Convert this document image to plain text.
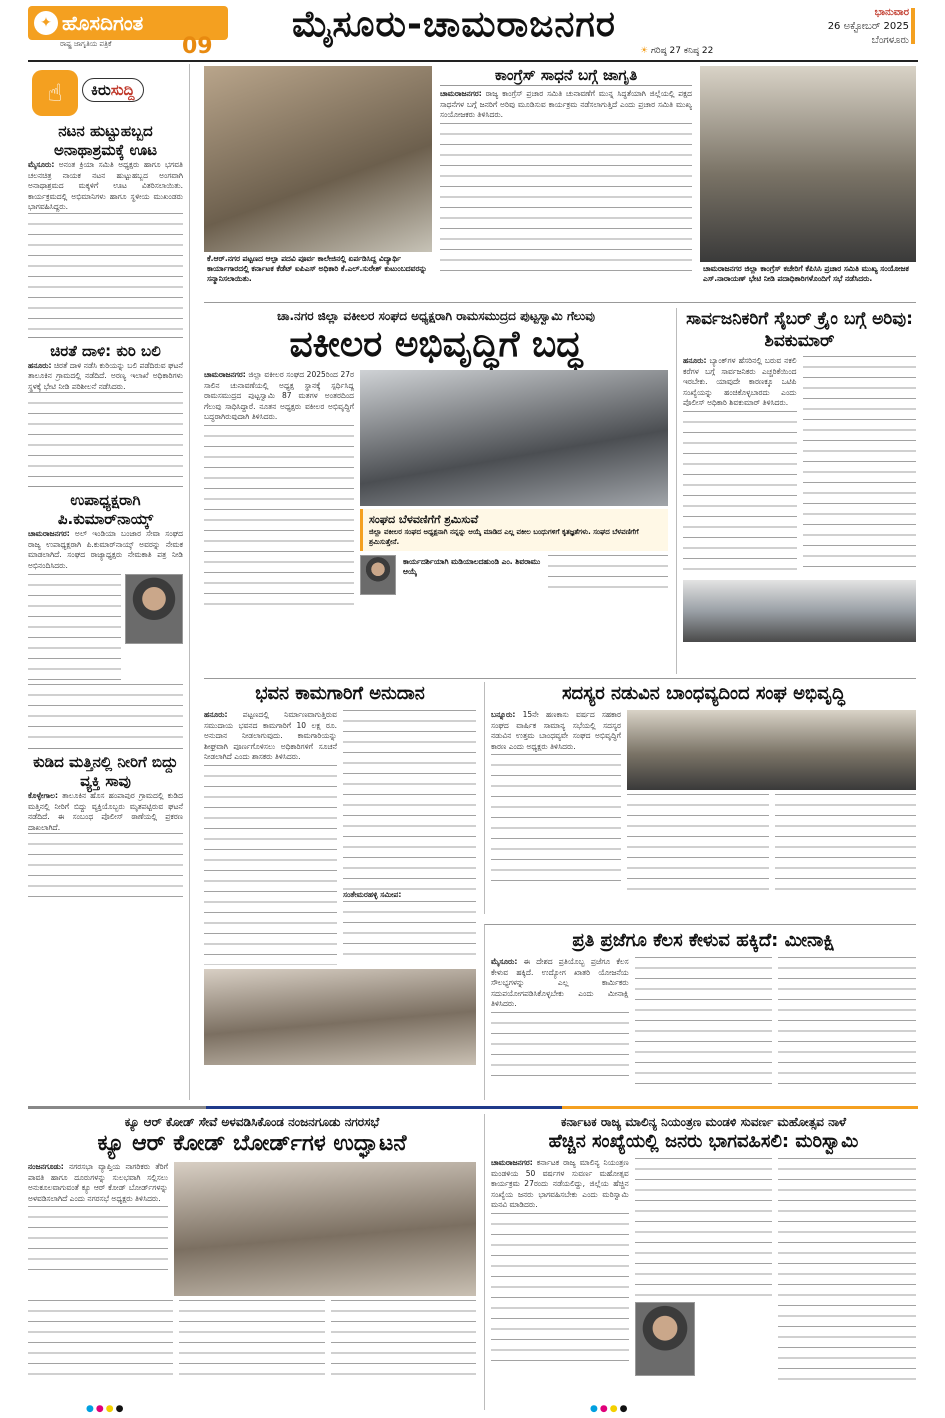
✦ ಹೊಸದಿಗಂತ
ರಾಷ್ಟ್ರ ಜಾಗೃತಿಯ ಪತ್ರಿಕೆ	09
ಮೈಸೂರು-ಚಾಮರಾಜನಗರ
☀ ಗರಿಷ್ಠ 27 ಕನಿಷ್ಠ 22
ಭಾನುವಾರ
26 ಅಕ್ಟೋಬರ್ 2025
ಬೆಂಗಳೂರು
☝	ಕಿರುಸುದ್ದಿ
ನಟನ ಹುಟ್ಟುಹಬ್ಬದ ಅನಾಥಾಶ್ರಮಕ್ಕೆ ಊಟ
ಮೈಸೂರು: ಅನಂತ ಕ್ರಿಯಾ ಸಮಿತಿ ಅಧ್ಯಕ್ಷರು ಹಾಗೂ ಭಗವತಿ ಚಲನಚಿತ್ರ ನಾಯಕ ನಟನ ಹುಟ್ಟುಹಬ್ಬದ ಅಂಗವಾಗಿ ಅನಾಥಾಶ್ರಮದ ಮಕ್ಕಳಿಗೆ ಊಟ ವಿತರಿಸಲಾಯಿತು. ಕಾರ್ಯಕ್ರಮದಲ್ಲಿ ಅಭಿಮಾನಿಗಳು ಹಾಗೂ ಸ್ಥಳೀಯ ಮುಖಂಡರು ಭಾಗವಹಿಸಿದ್ದರು.
ಚಿರತೆ ದಾಳಿ: ಕುರಿ ಬಲಿ
ಹನೂರು: ಚಿರತೆ ದಾಳಿ ನಡೆಸಿ ಕುರಿಯನ್ನು ಬಲಿ ಪಡೆದಿರುವ ಘಟನೆ ತಾಲೂಕಿನ ಗ್ರಾಮದಲ್ಲಿ ನಡೆದಿದೆ. ಅರಣ್ಯ ಇಲಾಖೆ ಅಧಿಕಾರಿಗಳು ಸ್ಥಳಕ್ಕೆ ಭೇಟಿ ನೀಡಿ ಪರಿಶೀಲನೆ ನಡೆಸಿದರು.
ಉಪಾಧ್ಯಕ್ಷರಾಗಿ ಪಿ.ಕುಮಾರ್‌ನಾಯ್ಕ್
ಚಾಮರಾಜನಗರ: ಅಲ್ ಇಂಡಿಯಾ ಬಂಜಾರ ಸೇವಾ ಸಂಘದ ರಾಜ್ಯ ಉಪಾಧ್ಯಕ್ಷರಾಗಿ ಪಿ.ಕುಮಾರ್‌ನಾಯ್ಕ್ ಅವರನ್ನು ನೇಮಕ ಮಾಡಲಾಗಿದೆ. ಸಂಘದ ರಾಜ್ಯಾಧ್ಯಕ್ಷರು ನೇಮಕಾತಿ ಪತ್ರ ನೀಡಿ ಅಭಿನಂದಿಸಿದರು.
ಕುಡಿದ ಮತ್ತಿನಲ್ಲಿ ನೀರಿಗೆ ಬಿದ್ದು ವ್ಯಕ್ತಿ ಸಾವು
ಕೊಳ್ಳೇಗಾಲ: ತಾಲೂಕಿನ ಹೊಸ ಹಂಪಾಪುರ ಗ್ರಾಮದಲ್ಲಿ ಕುಡಿದ ಮತ್ತಿನಲ್ಲಿ ನೀರಿಗೆ ಬಿದ್ದು ವ್ಯಕ್ತಿಯೊಬ್ಬರು ಮೃತಪಟ್ಟಿರುವ ಘಟನೆ ನಡೆದಿದೆ. ಈ ಸಂಬಂಧ ಪೊಲೀಸ್ ಠಾಣೆಯಲ್ಲಿ ಪ್ರಕರಣ ದಾಖಲಾಗಿದೆ.
ಕೆ.ಆರ್.ನಗರ ಪಟ್ಟಣದ ಆಲ್ಪಾ ಪದವಿ ಪೂರ್ವ ಕಾಲೇಜಿನಲ್ಲಿ ಏರ್ಪಡಿಸಿದ್ದ ವಿದ್ಯಾರ್ಥಿ ಕಾರ್ಯಾಗಾರದಲ್ಲಿ ಕರ್ನಾಟಕ ಕೆಡೆಟ್ ಐಪಿಎಸ್ ಅಧಿಕಾರಿ ಕೆ.ಎಲ್.ಸುರೇಶ್ ಕುಟುಂಬದವರನ್ನು ಸನ್ಮಾನಿಸಲಾಯಿತು.
ಕಾಂಗ್ರೆಸ್ ಸಾಧನೆ ಬಗ್ಗೆ ಜಾಗೃತಿ
ಚಾಮರಾಜನಗರ: ರಾಜ್ಯ ಕಾಂಗ್ರೆಸ್ ಪ್ರಚಾರ ಸಮಿತಿ ಚುನಾವಣೆಗೆ ಮುನ್ನ ಸಿದ್ಧತೆಯಾಗಿ ಜಿಲ್ಲೆಯಲ್ಲಿ ಪಕ್ಷದ ಸಾಧನೆಗಳ ಬಗ್ಗೆ ಜನರಿಗೆ ಅರಿವು ಮೂಡಿಸುವ ಕಾರ್ಯಕ್ರಮ ನಡೆಸಲಾಗುತ್ತಿದೆ ಎಂದು ಪ್ರಚಾರ ಸಮಿತಿ ಮುಖ್ಯ ಸಂಯೋಜಕರು ತಿಳಿಸಿದರು.
ಚಾಮರಾಜನಗರ ಜಿಲ್ಲಾ ಕಾಂಗ್ರೆಸ್ ಕಚೇರಿಗೆ ಕೆಪಿಸಿಸಿ ಪ್ರಚಾರ ಸಮಿತಿ ಮುಖ್ಯ ಸಂಯೋಜಕ ಎಸ್.ನಾರಾಯಣ್ ಭೇಟಿ ನೀಡಿ ಪದಾಧಿಕಾರಿಗಳೊಂದಿಗೆ ಸಭೆ ನಡೆಸಿದರು.
ಚಾ.ನಗರ ಜಿಲ್ಲಾ ವಕೀಲರ ಸಂಘದ ಅಧ್ಯಕ್ಷರಾಗಿ ರಾಮಸಮುದ್ರದ ಪುಟ್ಟಸ್ವಾಮಿ ಗೆಲುವು
ವಕೀಲರ ಅಭಿವೃದ್ಧಿಗೆ ಬದ್ಧ
ಚಾಮರಾಜನಗರ: ಜಿಲ್ಲಾ ವಕೀಲರ ಸಂಘದ 2025ರಿಂದ 27ರ ಸಾಲಿನ ಚುನಾವಣೆಯಲ್ಲಿ ಅಧ್ಯಕ್ಷ ಸ್ಥಾನಕ್ಕೆ ಸ್ಪರ್ಧಿಸಿದ್ದ ರಾಮಸಮುದ್ರದ ಪುಟ್ಟಸ್ವಾಮಿ 87 ಮತಗಳ ಅಂತರದಿಂದ ಗೆಲುವು ಸಾಧಿಸಿದ್ದಾರೆ. ನೂತನ ಅಧ್ಯಕ್ಷರು ವಕೀಲರ ಅಭಿವೃದ್ಧಿಗೆ ಬದ್ಧರಾಗಿರುವುದಾಗಿ ತಿಳಿಸಿದರು.
ಸಂಘದ ಬೆಳವಣಿಗೆಗೆ ಶ್ರಮಿಸುವೆ
ಜಿಲ್ಲಾ ವಕೀಲರ ಸಂಘದ ಅಧ್ಯಕ್ಷನಾಗಿ ನನ್ನನ್ನು ಆಯ್ಕೆ ಮಾಡಿದ ಎಲ್ಲ ವಕೀಲ ಬಂಧುಗಳಿಗೆ ಕೃತಜ್ಞತೆಗಳು. ಸಂಘದ ಬೆಳವಣಿಗೆಗೆ ಶ್ರಮಿಸುತ್ತೇನೆ.
ಕಾರ್ಯದರ್ಶಿಯಾಗಿ ಮಡಿಯಾಲದಹುಂಡಿ ಎಂ. ಶಿವರಾಮು ಆಯ್ಕೆ
ಸಾರ್ವಜನಿಕರಿಗೆ ಸೈಬರ್ ಕ್ರೈಂ ಬಗ್ಗೆ ಅರಿವು: ಶಿವಕುಮಾರ್
ಹನೂರು: ಬ್ಯಾಂಕ್‌ಗಳ ಹೆಸರಿನಲ್ಲಿ ಬರುವ ನಕಲಿ ಕರೆಗಳ ಬಗ್ಗೆ ಸಾರ್ವಜನಿಕರು ಎಚ್ಚರಿಕೆಯಿಂದ ಇರಬೇಕು. ಯಾವುದೇ ಕಾರಣಕ್ಕೂ ಒಟಿಪಿ ಸಂಖ್ಯೆಯನ್ನು ಹಂಚಿಕೊಳ್ಳಬಾರದು ಎಂದು ಪೊಲೀಸ್ ಅಧಿಕಾರಿ ಶಿವಕುಮಾರ್ ತಿಳಿಸಿದರು.
ಭವನ ಕಾಮಗಾರಿಗೆ ಅನುದಾನ
ಹನೂರು: ಪಟ್ಟಣದಲ್ಲಿ ನಿರ್ಮಾಣವಾಗುತ್ತಿರುವ ಸಮುದಾಯ ಭವನದ ಕಾಮಗಾರಿಗೆ 10 ಲಕ್ಷ ರೂ. ಅನುದಾನ ನೀಡಲಾಗುವುದು. ಕಾಮಗಾರಿಯನ್ನು ಶೀಘ್ರವಾಗಿ ಪೂರ್ಣಗೊಳಿಸಲು ಅಧಿಕಾರಿಗಳಿಗೆ ಸೂಚನೆ ನೀಡಲಾಗಿದೆ ಎಂದು ಶಾಸಕರು ತಿಳಿಸಿದರು.
ಸಂತೇಮರಹಳ್ಳಿ ಸಮೀಪ:
ಸದಸ್ಯರ ನಡುವಿನ ಬಾಂಧವ್ಯದಿಂದ ಸಂಘ ಅಭಿವೃದ್ಧಿ
ಬನ್ನೂರು: 15ನೇ ಹಣಕಾಸು ವರ್ಷದ ಸಹಕಾರ ಸಂಘದ ವಾರ್ಷಿಕ ಸಾಮಾನ್ಯ ಸಭೆಯಲ್ಲಿ ಸದಸ್ಯರ ನಡುವಿನ ಉತ್ತಮ ಬಾಂಧವ್ಯವೇ ಸಂಘದ ಅಭಿವೃದ್ಧಿಗೆ ಕಾರಣ ಎಂದು ಅಧ್ಯಕ್ಷರು ತಿಳಿಸಿದರು.
ಪ್ರತಿ ಪ್ರಜೆಗೂ ಕೆಲಸ ಕೇಳುವ ಹಕ್ಕಿದೆ: ಮೀನಾಕ್ಷಿ
ಮೈಸೂರು: ಈ ದೇಶದ ಪ್ರತಿಯೊಬ್ಬ ಪ್ರಜೆಗೂ ಕೆಲಸ ಕೇಳುವ ಹಕ್ಕಿದೆ. ಉದ್ಯೋಗ ಖಾತರಿ ಯೋಜನೆಯ ಸೌಲಭ್ಯಗಳನ್ನು ಎಲ್ಲ ಕಾರ್ಮಿಕರು ಸದುಪಯೋಗಪಡಿಸಿಕೊಳ್ಳಬೇಕು ಎಂದು ಮೀನಾಕ್ಷಿ ತಿಳಿಸಿದರು.
ಕ್ಯೂ ಆರ್ ಕೋಡ್ ಸೇವೆ ಅಳವಡಿಸಿಕೊಂಡ ನಂಜನಗೂಡು ನಗರಸಭೆ
ಕ್ಯೂ ಆರ್ ಕೋಡ್ ಬೋರ್ಡ್‌ಗಳ ಉದ್ಘಾಟನೆ
ನಂಜನಗೂಡು: ನಗರಸಭಾ ವ್ಯಾಪ್ತಿಯ ನಾಗರಿಕರು ತೆರಿಗೆ ಪಾವತಿ ಹಾಗೂ ದೂರುಗಳನ್ನು ಸುಲಭವಾಗಿ ಸಲ್ಲಿಸಲು ಅನುಕೂಲವಾಗುವಂತೆ ಕ್ಯೂ ಆರ್ ಕೋಡ್ ಬೋರ್ಡ್‌ಗಳನ್ನು ಅಳವಡಿಸಲಾಗಿದೆ ಎಂದು ನಗರಸಭೆ ಅಧ್ಯಕ್ಷರು ತಿಳಿಸಿದರು.
ಕರ್ನಾಟಕ ರಾಜ್ಯ ಮಾಲಿನ್ಯ ನಿಯಂತ್ರಣ ಮಂಡಳಿ ಸುವರ್ಣ ಮಹೋತ್ಸವ ನಾಳೆ
ಹೆಚ್ಚಿನ ಸಂಖ್ಯೆಯಲ್ಲಿ ಜನರು ಭಾಗವಹಿಸಲಿ: ಮರಿಸ್ವಾಮಿ
ಚಾಮರಾಜನಗರ: ಕರ್ನಾಟಕ ರಾಜ್ಯ ಮಾಲಿನ್ಯ ನಿಯಂತ್ರಣ ಮಂಡಳಿಯ 50 ವರ್ಷಗಳ ಸುವರ್ಣ ಮಹೋತ್ಸವ ಕಾರ್ಯಕ್ರಮ 27ರಂದು ನಡೆಯಲಿದ್ದು, ಜಿಲ್ಲೆಯ ಹೆಚ್ಚಿನ ಸಂಖ್ಯೆಯ ಜನರು ಭಾಗವಹಿಸಬೇಕು ಎಂದು ಮರಿಸ್ವಾಮಿ ಮನವಿ ಮಾಡಿದರು.
●●●●	●●●●
